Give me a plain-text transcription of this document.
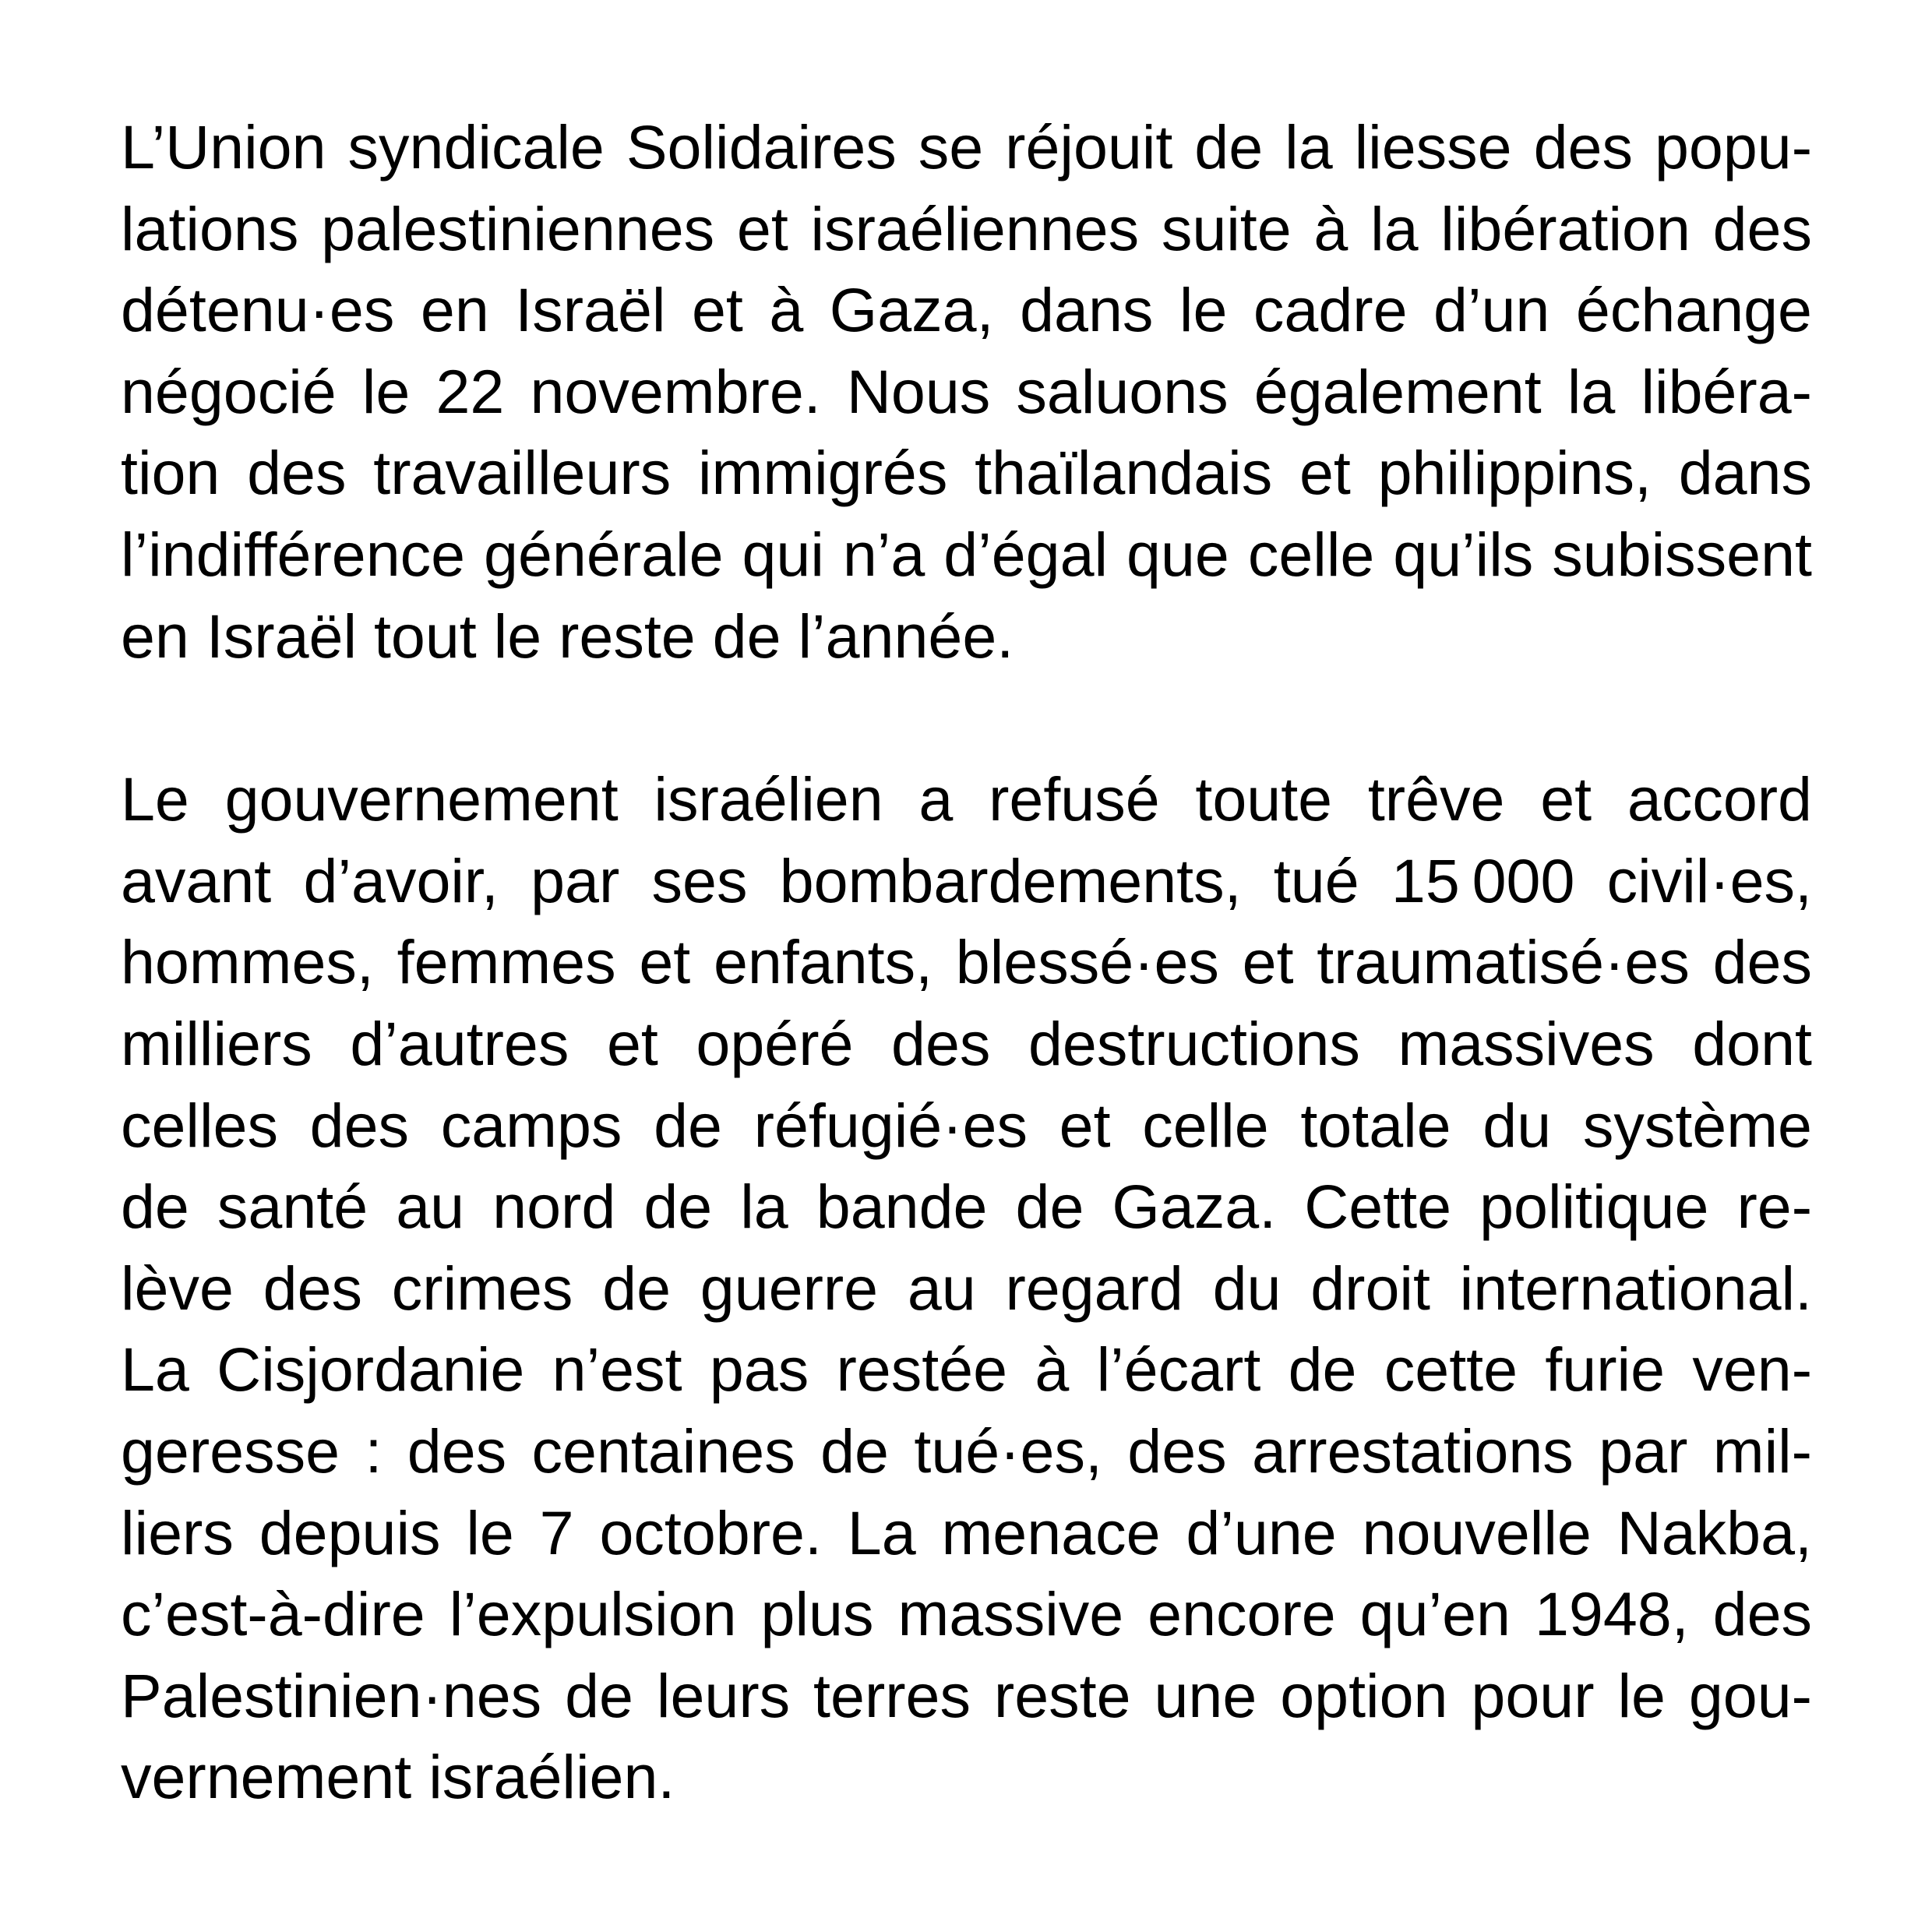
L’Union syndicale Solidaires se réjouit de la liesse des popu-
lations palestiniennes et israéliennes suite à la libération des
détenu·es en Israël et à Gaza, dans le cadre d’un échange
négocié le 22 novembre. Nous saluons également la libéra-
tion des travailleurs immigrés thaïlandais et philippins, dans
l’indifférence générale qui n’a d’égal que celle qu’ils subissent
en Israël tout le reste de l’année.

Le gouvernement israélien a refusé toute trêve et accord
avant d’avoir, par ses bombardements, tué 15 000 civil·es,
hommes, femmes et enfants, blessé·es et traumatisé·es des
milliers d’autres et opéré des destructions massives dont
celles des camps de réfugié·es et celle totale du système
de santé au nord de la bande de Gaza. Cette politique re-
lève des crimes de guerre au regard du droit international.
La Cisjordanie n’est pas restée à l’écart de cette furie ven-
geresse : des centaines de tué·es, des arrestations par mil-
liers depuis le 7 octobre. La menace d’une nouvelle Nakba,
c’est-à-dire l’expulsion plus massive encore qu’en 1948, des
Palestinien·nes de leurs terres reste une option pour le gou-
vernement israélien.
